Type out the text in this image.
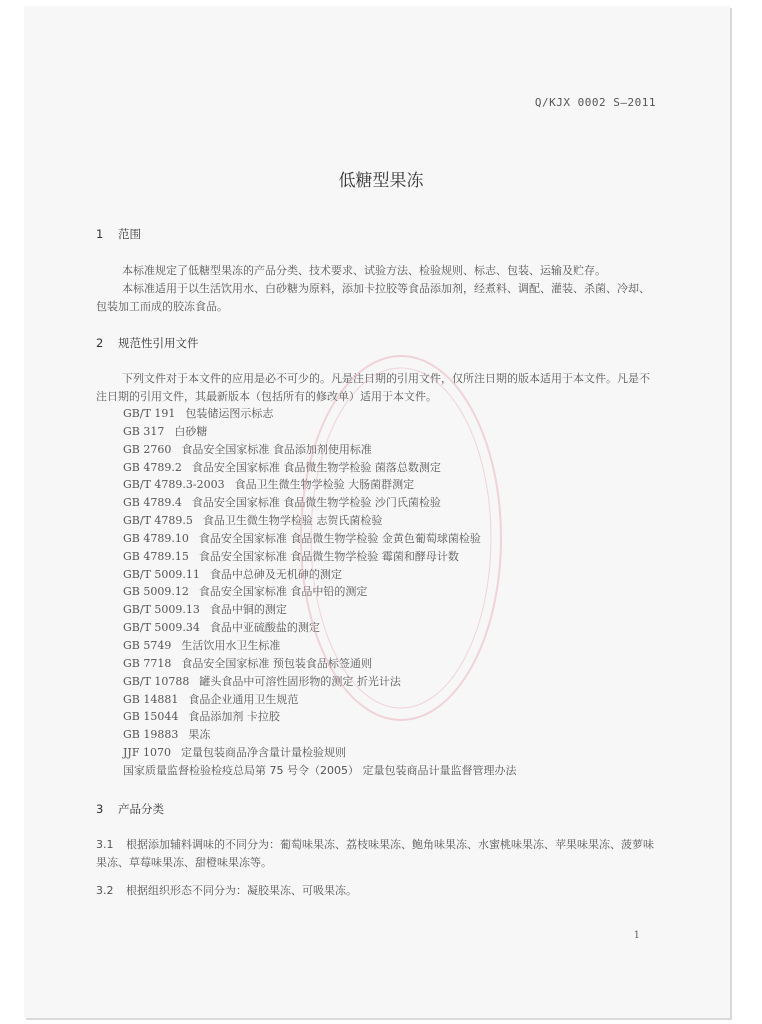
Q/KJX 0002 S—2011
低糖型果冻
1 范围
本标准规定了低糖型果冻的产品分类、技术要求、试验方法、检验规则、标志、包装、运输及贮存。
本标准适用于以生活饮用水、白砂糖为原料，添加卡拉胶等食品添加剂，经煮料、调配、灌装、杀菌、冷却、包装加工而成的胶冻食品。
2 规范性引用文件
下列文件对于本文件的应用是必不可少的。凡是注日期的引用文件，仅所注日期的版本适用于本文件。凡是不注日期的引用文件，其最新版本（包括所有的修改单）适用于本文件。
GB/T 191 包装储运图示标志
GB 317 白砂糖
GB 2760 食品安全国家标准 食品添加剂使用标准
GB 4789.2 食品安全国家标准 食品微生物学检验 菌落总数测定
GB/T 4789.3-2003 食品卫生微生物学检验 大肠菌群测定
GB 4789.4 食品安全国家标准 食品微生物学检验 沙门氏菌检验
GB/T 4789.5 食品卫生微生物学检验 志贺氏菌检验
GB 4789.10 食品安全国家标准 食品微生物学检验 金黄色葡萄球菌检验
GB 4789.15 食品安全国家标准 食品微生物学检验 霉菌和酵母计数
GB/T 5009.11 食品中总砷及无机砷的测定
GB 5009.12 食品安全国家标准 食品中铅的测定
GB/T 5009.13 食品中铜的测定
GB/T 5009.34 食品中亚硫酸盐的测定
GB 5749 生活饮用水卫生标准
GB 7718 食品安全国家标准 预包装食品标签通则
GB/T 10788 罐头食品中可溶性固形物的测定 折光计法
GB 14881 食品企业通用卫生规范
GB 15044 食品添加剂 卡拉胶
GB 19883 果冻
JJF 1070 定量包装商品净含量计量检验规则
国家质量监督检验检疫总局第 75 号令（2005） 定量包装商品计量监督管理办法
3 产品分类
3.1 根据添加辅料调味的不同分为：葡萄味果冻、荔枝味果冻、鲍角味果冻、水蜜桃味果冻、苹果味果冻、菠萝味果冻、草莓味果冻、甜橙味果冻等。
3.2 根据组织形态不同分为：凝胶果冻、可吸果冻。
1
